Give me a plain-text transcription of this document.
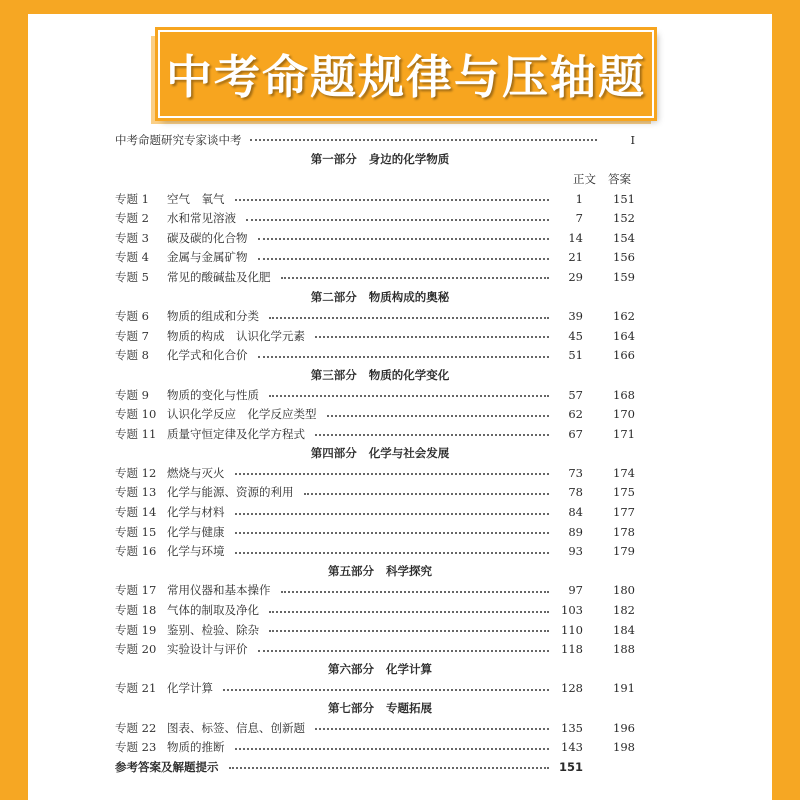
中考命题规律与压轴题
中考命题研究专家谈中考	Ⅰ
第一部分 身边的化学物质
正文 答案
专题 1	空气　氧气	1	151
专题 2	水和常见溶液	7	152
专题 3	碳及碳的化合物	14	154
专题 4	金属与金属矿物	21	156
专题 5	常见的酸碱盐及化肥	29	159
第二部分 物质构成的奥秘
专题 6	物质的组成和分类	39	162
专题 7	物质的构成　认识化学元素	45	164
专题 8	化学式和化合价	51	166
第三部分 物质的化学变化
专题 9	物质的变化与性质	57	168
专题 10 认识化学反应　化学反应类型	62	170
专题 11 质量守恒定律及化学方程式	67	171
第四部分 化学与社会发展
专题 12 燃烧与灭火	73	174
专题 13 化学与能源、资源的利用	78	175
专题 14 化学与材料	84	177
专题 15 化学与健康	89	178
专题 16 化学与环境	93	179
第五部分 科学探究
专题 17 常用仪器和基本操作	97	180
专题 18 气体的制取及净化	103	182
专题 19 鉴别、检验、除杂	110	184
专题 20 实验设计与评价	118	188
第六部分 化学计算
专题 21 化学计算	128	191
第七部分 专题拓展
专题 22 图表、标签、信息、创新题	135	196
专题 23 物质的推断	143	198
参考答案及解题提示	151
